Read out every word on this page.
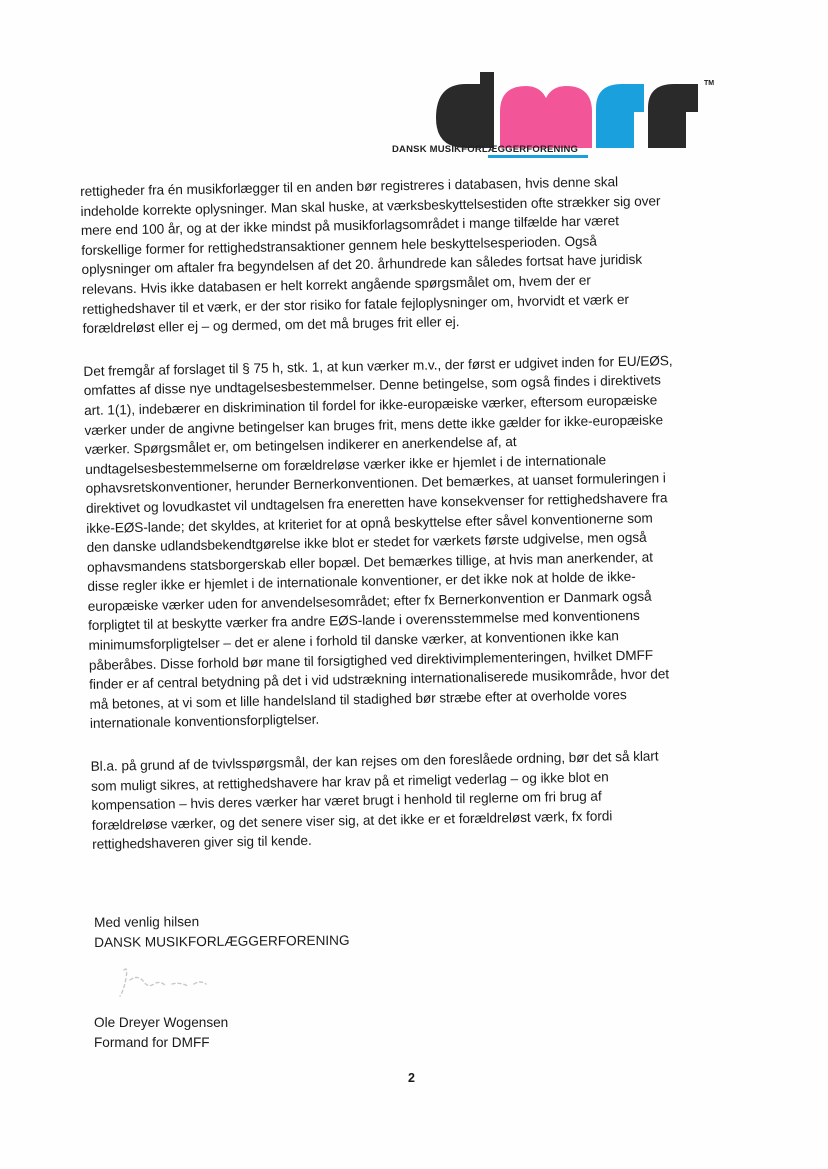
TM
DANSK MUSIKFORLÆGGERFORENING
rettigheder fra én musikforlægger til en anden bør registreres i databasen, hvis denne skal
indeholde korrekte oplysninger. Man skal huske, at værksbeskyttelsestiden ofte strækker sig over
mere end 100 år, og at der ikke mindst på musikforlagsområdet i mange tilfælde har været
forskellige former for rettighedstransaktioner gennem hele beskyttelsesperioden. Også
oplysninger om aftaler fra begyndelsen af det 20. århundrede kan således fortsat have juridisk
relevans. Hvis ikke databasen er helt korrekt angående spørgsmålet om, hvem der er
rettighedshaver til et værk, er der stor risiko for fatale fejloplysninger om, hvorvidt et værk er
forældreløst eller ej – og dermed, om det må bruges frit eller ej.
Det fremgår af forslaget til § 75 h, stk. 1, at kun værker m.v., der først er udgivet inden for EU/EØS,
omfattes af disse nye undtagelsesbestemmelser. Denne betingelse, som også findes i direktivets
art. 1(1), indebærer en diskrimination til fordel for ikke-europæiske værker, eftersom europæiske
værker under de angivne betingelser kan bruges frit, mens dette ikke gælder for ikke-europæiske
værker. Spørgsmålet er, om betingelsen indikerer en anerkendelse af, at
undtagelsesbestemmelserne om forældreløse værker ikke er hjemlet i de internationale
ophavsretskonventioner, herunder Bernerkonventionen. Det bemærkes, at uanset formuleringen i
direktivet og lovudkastet vil undtagelsen fra eneretten have konsekvenser for rettighedshavere fra
ikke-EØS-lande; det skyldes, at kriteriet for at opnå beskyttelse efter såvel konventionerne som
den danske udlandsbekendtgørelse ikke blot er stedet for værkets første udgivelse, men også
ophavsmandens statsborgerskab eller bopæl. Det bemærkes tillige, at hvis man anerkender, at
disse regler ikke er hjemlet i de internationale konventioner, er det ikke nok at holde de ikke-
europæiske værker uden for anvendelsesområdet; efter fx Bernerkonvention er Danmark også
forpligtet til at beskytte værker fra andre EØS-lande i overensstemmelse med konventionens
minimumsforpligtelser – det er alene i forhold til danske værker, at konventionen ikke kan
påberåbes. Disse forhold bør mane til forsigtighed ved direktivimplementeringen, hvilket DMFF
finder er af central betydning på det i vid udstrækning internationaliserede musikområde, hvor det
må betones, at vi som et lille handelsland til stadighed bør stræbe efter at overholde vores
internationale konventionsforpligtelser.
Bl.a. på grund af de tvivlsspørgsmål, der kan rejses om den foreslåede ordning, bør det så klart
som muligt sikres, at rettighedshavere har krav på et rimeligt vederlag – og ikke blot en
kompensation – hvis deres værker har været brugt i henhold til reglerne om fri brug af
forældreløse værker, og det senere viser sig, at det ikke er et forældreløst værk, fx fordi
rettighedshaveren giver sig til kende.
Med venlig hilsen
DANSK MUSIKFORLÆGGERFORENING
Ole Dreyer Wogensen
Formand for DMFF
2
